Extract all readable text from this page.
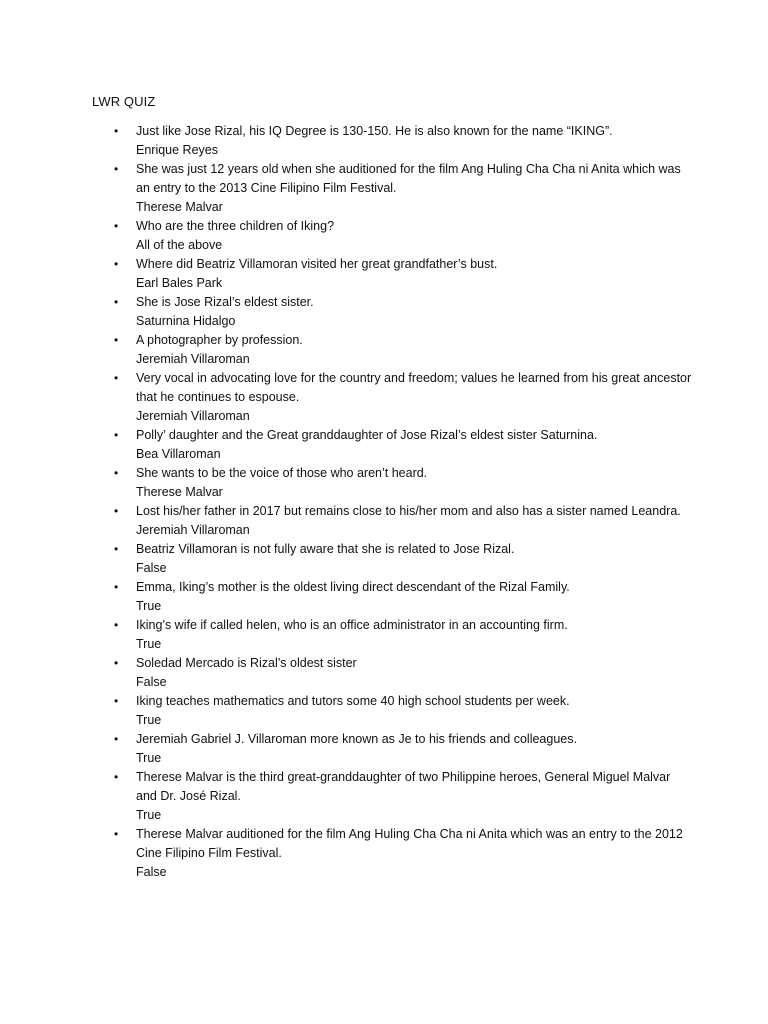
LWR QUIZ
• Just like Jose Rizal, his IQ Degree is 130-150. He is also known for the name “IKING”.
Enrique Reyes
• She was just 12 years old when she auditioned for the film Ang Huling Cha Cha ni Anita which was an entry to the 2013 Cine Filipino Film Festival.
Therese Malvar
• Who are the three children of Iking?
All of the above
• Where did Beatriz Villamoran visited her great grandfather’s bust.
Earl Bales Park
• She is Jose Rizal’s eldest sister.
Saturnina Hidalgo
• A photographer by profession.
Jeremiah Villaroman
• Very vocal in advocating love for the country and freedom; values he learned from his great ancestor that he continues to espouse.
Jeremiah Villaroman
• Polly’ daughter and the Great granddaughter of Jose Rizal’s eldest sister Saturnina.
Bea Villaroman
• She wants to be the voice of those who aren’t heard.
Therese Malvar
• Lost his/her father in 2017 but remains close to his/her mom and also has a sister named Leandra.
Jeremiah Villaroman
• Beatriz Villamoran is not fully aware that she is related to Jose Rizal.
False
• Emma, Iking’s mother is the oldest living direct descendant of the Rizal Family.
True
• Iking’s wife if called helen, who is an office administrator in an accounting firm.
True
• Soledad Mercado is Rizal’s oldest sister
False
• Iking teaches mathematics and tutors some 40 high school students per week.
True
• Jeremiah Gabriel J. Villaroman more known as Je to his friends and colleagues.
True
• Therese Malvar is the third great-granddaughter of two Philippine heroes, General Miguel Malvar and Dr. José Rizal.
True
• Therese Malvar auditioned for the film Ang Huling Cha Cha ni Anita which was an entry to the 2012 Cine Filipino Film Festival.
False
